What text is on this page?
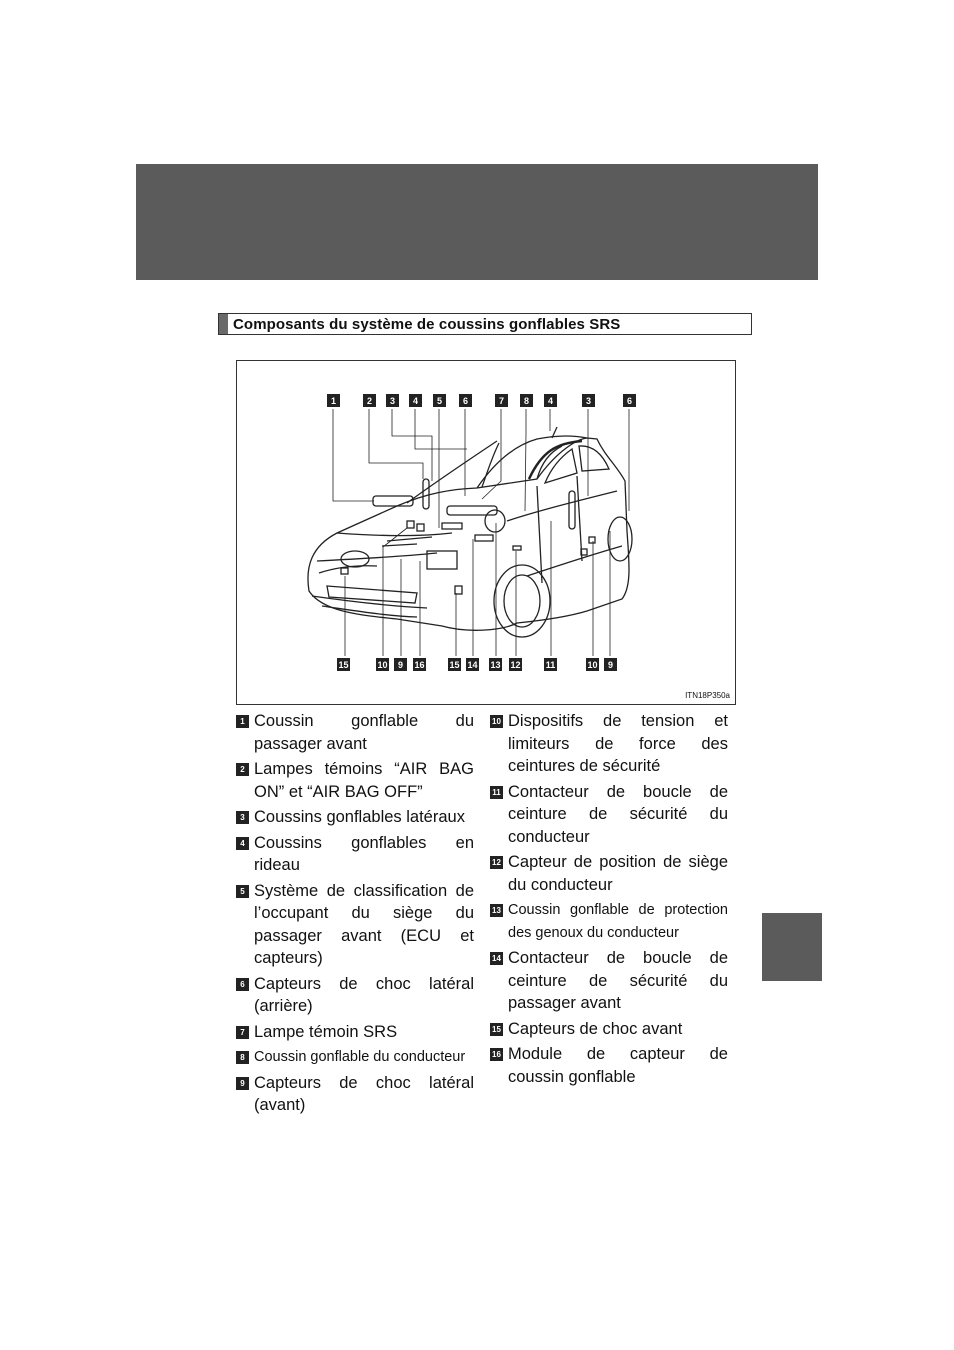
Composants du système de coussins gonflables SRS
ITN18P350a
1	2	3	4	5	6	7	8	4	3	6
15	10	9	16	15 14 13 12	11	10	9
1 Coussin gonflable du passager avant
2 Lampes témoins “AIR BAG ON” et “AIR BAG OFF”
3 Coussins gonflables latéraux
4 Coussins gonflables en rideau
5 Système de classification de l’occupant du siège du passager avant (ECU et capteurs)
6 Capteurs de choc latéral (arrière)
7 Lampe témoin SRS
8 Coussin gonflable du conducteur
9 Capteurs de choc latéral (avant)
10 Dispositifs de tension et limiteurs de force des ceintures de sécurité
11 Contacteur de boucle de ceinture de sécurité du conducteur
12 Capteur de position de siège du conducteur
13 Coussin gonflable de protection des genoux du conducteur
14 Contacteur de boucle de ceinture de sécurité du passager avant
15 Capteurs de choc avant
16 Module de capteur de coussin gonflable
